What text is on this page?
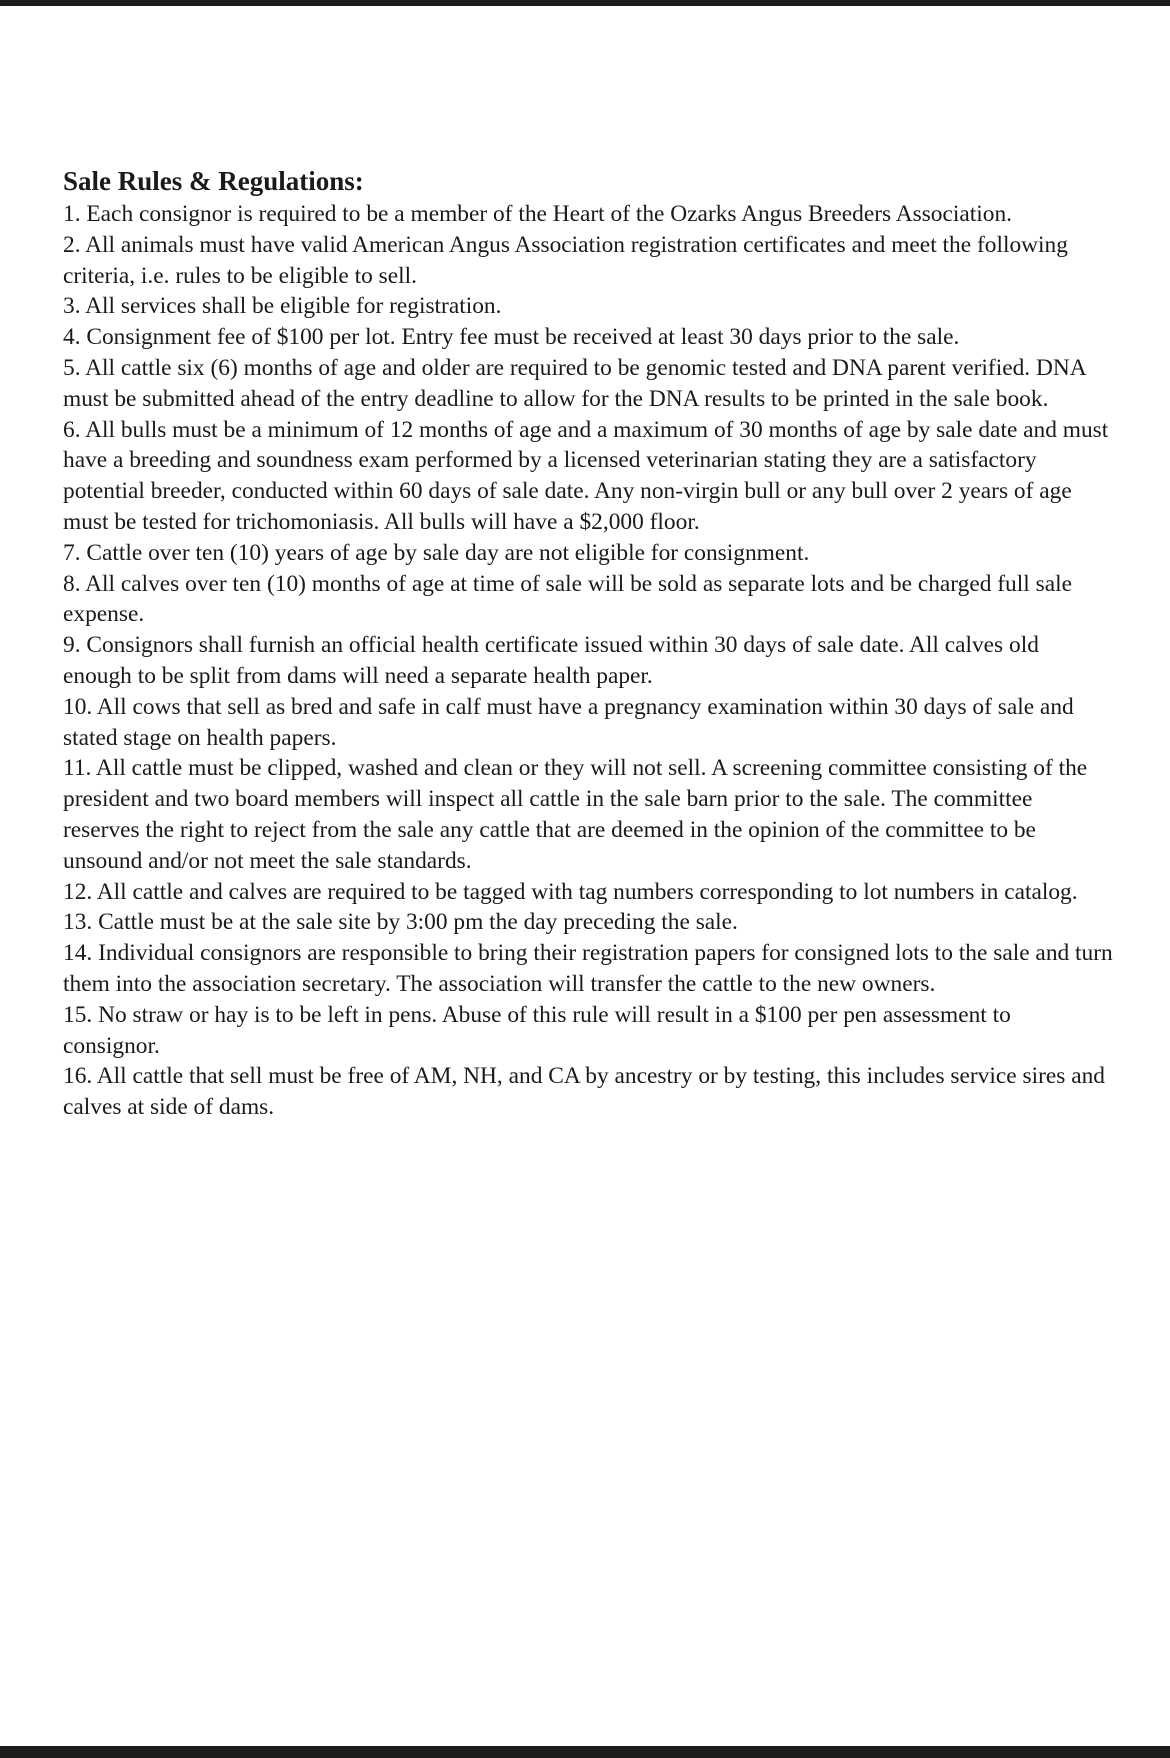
Sale Rules & Regulations:
1. Each consignor is required to be a member of the Heart of the Ozarks Angus Breeders Association.
2. All animals must have valid American Angus Association registration certificates and meet the following criteria, i.e. rules to be eligible to sell.
3. All services shall be eligible for registration.
4. Consignment fee of $100 per lot. Entry fee must be received at least 30 days prior to the sale.
5. All cattle six (6) months of age and older are required to be genomic tested and DNA parent verified. DNA must be submitted ahead of the entry deadline to allow for the DNA results to be printed in the sale book.
6. All bulls must be a minimum of 12 months of age and a maximum of 30 months of age by sale date and must have a breeding and soundness exam performed by a licensed veterinarian stating they are a satisfactory potential breeder, conducted within 60 days of sale date. Any non-virgin bull or any bull over 2 years of age must be tested for trichomoniasis. All bulls will have a $2,000 floor.
7. Cattle over ten (10) years of age by sale day are not eligible for consignment.
8. All calves over ten (10) months of age at time of sale will be sold as separate lots and be charged full sale expense.
9. Consignors shall furnish an official health certificate issued within 30 days of sale date. All calves old enough to be split from dams will need a separate health paper.
10. All cows that sell as bred and safe in calf must have a pregnancy examination within 30 days of sale and stated stage on health papers.
11. All cattle must be clipped, washed and clean or they will not sell. A screening committee consisting of the president and two board members will inspect all cattle in the sale barn prior to the sale. The committee reserves the right to reject from the sale any cattle that are deemed in the opinion of the committee to be unsound and/or not meet the sale standards.
12. All cattle and calves are required to be tagged with tag numbers corresponding to lot numbers in catalog.
13. Cattle must be at the sale site by 3:00 pm the day preceding the sale.
14. Individual consignors are responsible to bring their registration papers for consigned lots to the sale and turn them into the association secretary. The association will transfer the cattle to the new owners.
15. No straw or hay is to be left in pens. Abuse of this rule will result in a $100 per pen assessment to consignor.
16. All cattle that sell must be free of AM, NH, and CA by ancestry or by testing, this includes service sires and calves at side of dams.
